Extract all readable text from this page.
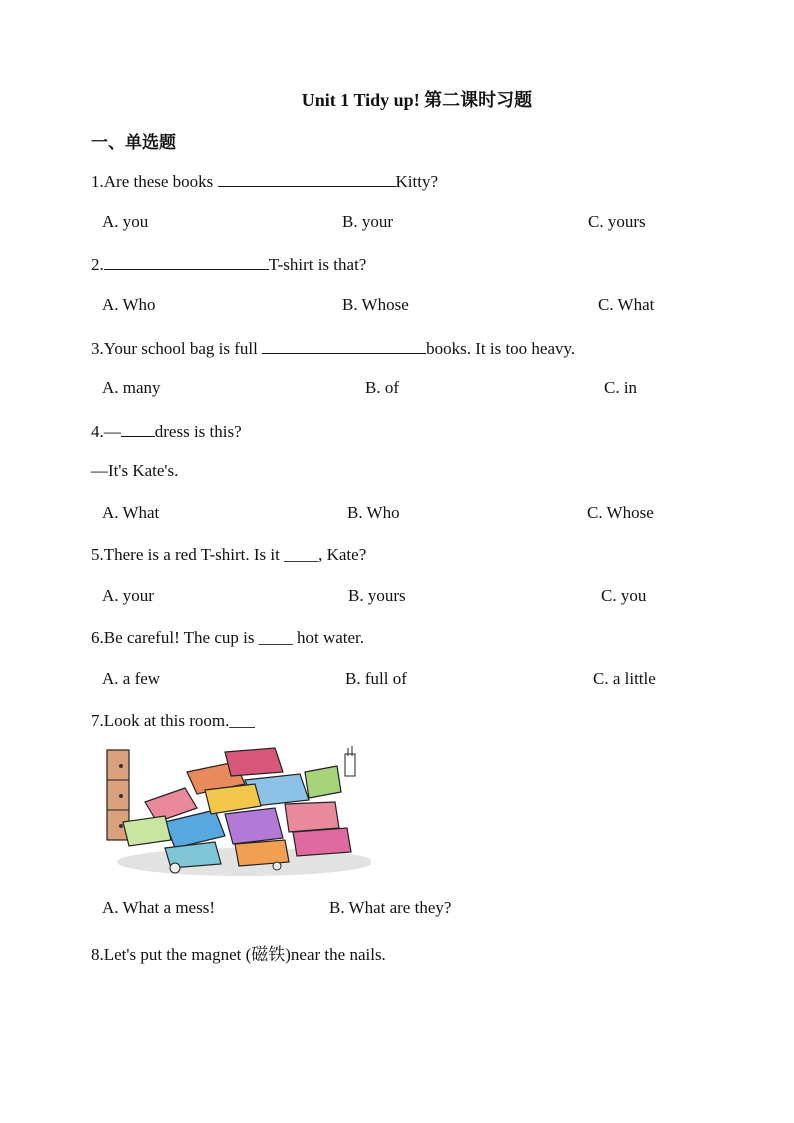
Unit 1 Tidy up! 第二课时习题
一、单选题
1.Are these books	Kitty?
A. you	B. your	C. yours
2.	T-shirt is that?
A. Who	B. Whose	C. What
3.Your school bag is full	books. It is too heavy.
A. many	B. of	C. in
4.— dress is this?
—It's Kate's.
A. What	B. Who	C. Whose
5.There is a red T-shirt. Is it ____, Kate?
A. your	B. yours	C. you
6.Be careful! The cup is ____ hot water.
A. a few	B. full of	C. a little
7.Look at this room.___
A. What a mess!	B. What are they?
8.Let's put the magnet (磁铁)near the nails.
